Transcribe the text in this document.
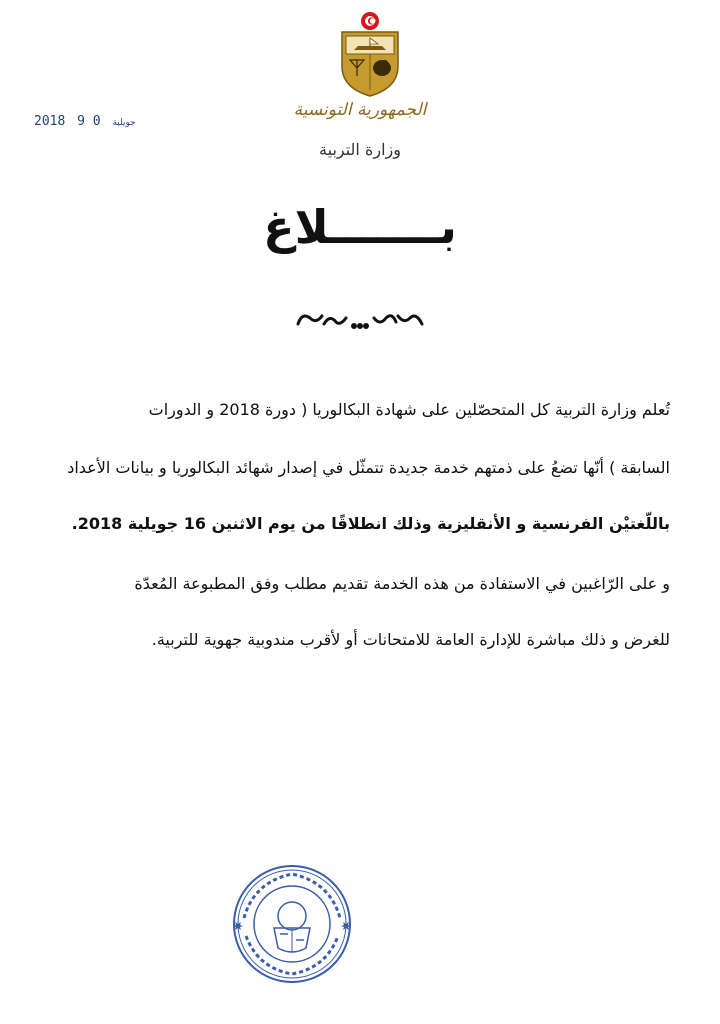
2018	جويلية 0 9
الجمهورية التونسية
وزارة التربية
بـــــــلاغ
تُعلم وزارة التربية كل المتحصّلين على شهادة البكالوريا ( دورة 2018 و الدورات
السابقة ) أنّها تضعُ على ذمتهم خدمة جديدة تتمثّل في إصدار شهائد البكالوريا و بيانات الأعداد
باللّغتيْن الفرنسية و الأنقليزية وذلك انطلاقًا من يوم الاثنين 16 جويلية 2018.
و على الرّاغبين في الاستفادة من هذه الخدمة تقديم مطلب وفق المطبوعة المُعدّة
للغرض و ذلك مباشرة للإدارة العامة للامتحانات أو لأقرب مندوبية جهوية للتربية.
